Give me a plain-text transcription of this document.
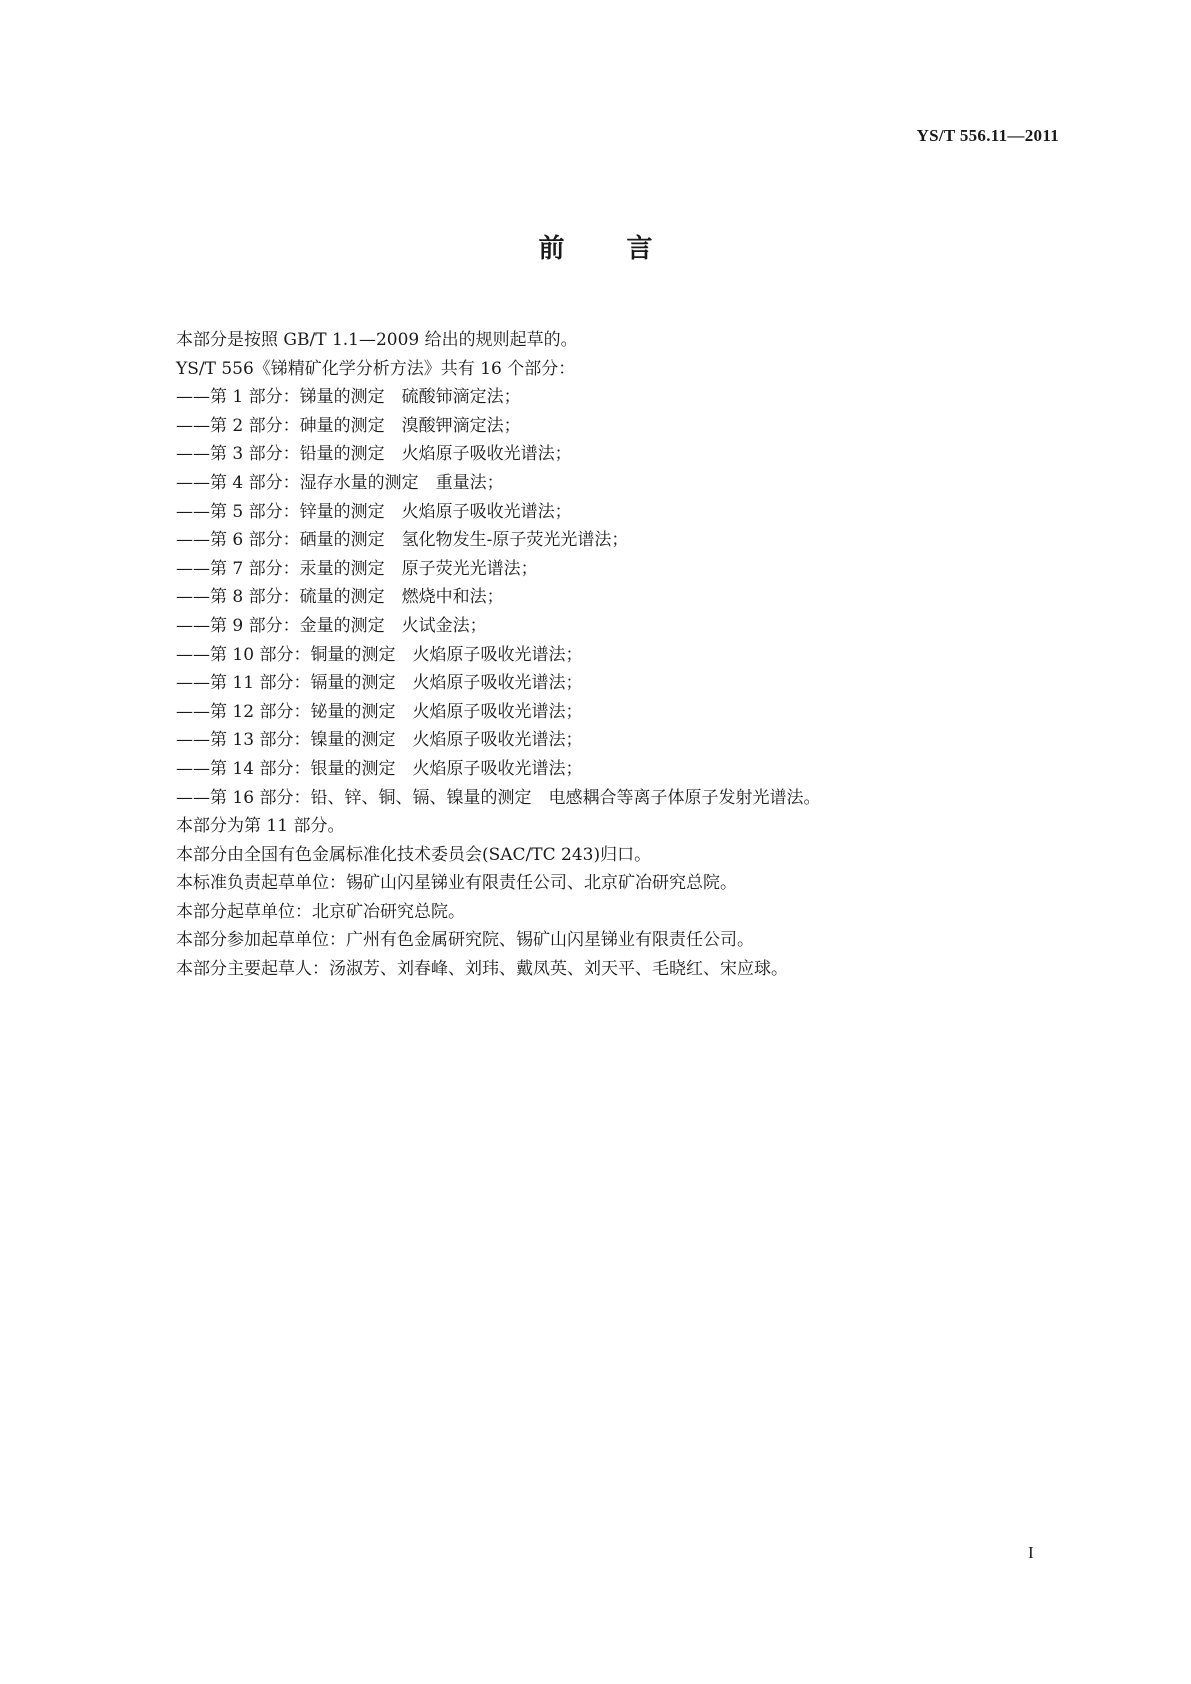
YS/T 556.11—2011
前 言
本部分是按照 GB/T 1.1—2009 给出的规则起草的。
YS/T 556《锑精矿化学分析方法》共有 16 个部分：
——第 1 部分：锑量的测定　硫酸铈滴定法；
——第 2 部分：砷量的测定　溴酸钾滴定法；
——第 3 部分：铅量的测定　火焰原子吸收光谱法；
——第 4 部分：湿存水量的测定　重量法；
——第 5 部分：锌量的测定　火焰原子吸收光谱法；
——第 6 部分：硒量的测定　氢化物发生-原子荧光光谱法；
——第 7 部分：汞量的测定　原子荧光光谱法；
——第 8 部分：硫量的测定　燃烧中和法；
——第 9 部分：金量的测定　火试金法；
——第 10 部分：铜量的测定　火焰原子吸收光谱法；
——第 11 部分：镉量的测定　火焰原子吸收光谱法；
——第 12 部分：铋量的测定　火焰原子吸收光谱法；
——第 13 部分：镍量的测定　火焰原子吸收光谱法；
——第 14 部分：银量的测定　火焰原子吸收光谱法；
——第 16 部分：铅、锌、铜、镉、镍量的测定　电感耦合等离子体原子发射光谱法。
本部分为第 11 部分。
本部分由全国有色金属标准化技术委员会(SAC/TC 243)归口。
本标准负责起草单位：锡矿山闪星锑业有限责任公司、北京矿冶研究总院。
本部分起草单位：北京矿冶研究总院。
本部分参加起草单位：广州有色金属研究院、锡矿山闪星锑业有限责任公司。
本部分主要起草人：汤淑芳、刘春峰、刘玮、戴凤英、刘天平、毛晓红、宋应球。
I
